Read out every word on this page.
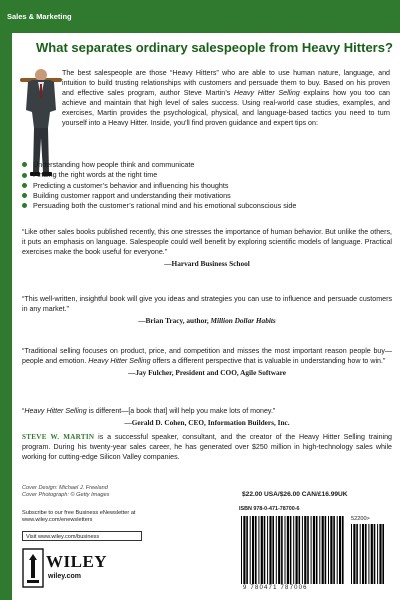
Sales & Marketing
What separates ordinary salespeople from Heavy Hitters?
The best salespeople are those “Heavy Hitters” who are able to use human nature, language, and intuition to build trusting relationships with customers and persuade them to buy. Based on his proven and effective sales program, author Steve Martin’s Heavy Hitter Selling explains how you too can achieve and maintain that high level of sales success. Using real-world case studies, examples, and exercises, Martin provides the psychological, physical, and language-based tactics you need to turn yourself into a Heavy Hitter. Inside, you’ll find proven guidance and expert tips on:
Understanding how people think and communicate
Finding the right words at the right time
Predicting a customer’s behavior and influencing his thoughts
Building customer rapport and understanding their motivations
Persuading both the customer’s rational mind and his emotional subconscious side
“Like other sales books published recently, this one stresses the importance of human behavior. But unlike the others, it puts an emphasis on language. Salespeople could well benefit by exploring scientific models of language. Practical exercises make the book useful for everyone.”
—Harvard Business School
“This well-written, insightful book will give you ideas and strategies you can use to influence and persuade customers in any market.”
—Brian Tracy, author, Million Dollar Habits
“Traditional selling focuses on product, price, and competition and misses the most important reason people buy—people and emotion. Heavy Hitter Selling offers a different perspective that is valuable in understanding how to win.”
—Jay Fulcher, President and COO, Agile Software
“Heavy Hitter Selling is different—[a book that] will help you make lots of money.”
—Gerald D. Cohen, CEO, Information Builders, Inc.
STEVE W. MARTIN is a successful speaker, consultant, and the creator of the Heavy Hitter Selling training program. During his twenty-year sales career, he has generated over $250 million in high-technology sales while working for cutting-edge Silicon Valley companies.
Cover Design: Michael J. Freeland
Cover Photograph: © Getty Images
Subscribe to our free Business eNewsletter at
www.wiley.com/enewsletters
Visit www.wiley.com/business
WILEY
wiley.com
$22.00 USA/$26.00 CAN/£16.99UK
ISBN 978-0-471-78700-6
52200>
9 780471 787006
